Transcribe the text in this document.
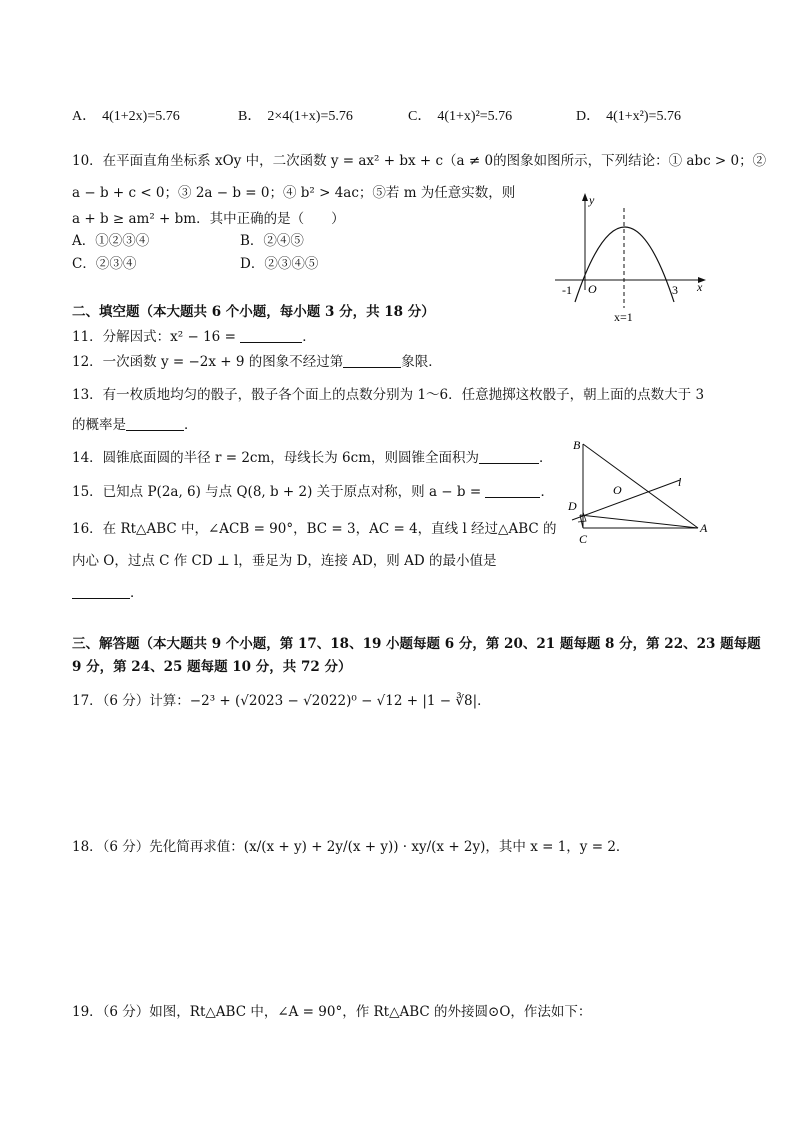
A． 4(1+2x)=5.76	B． 2×4(1+x)=5.76	C． 4(1+x)²=5.76	D． 4(1+x²)=5.76
10．在平面直角坐标系 xOy 中，二次函数 y = ax² + bx + c（a ≠ 0的图象如图所示，下列结论：① abc > 0；②
a − b + c < 0；③ 2a − b = 0；④ b² > 4ac；⑤若 m 为任意实数，则
a + b ≥ am² + bm．其中正确的是（　　）
A．①②③④	B．②④⑤
C．②③④	D．②③④⑤
y
x
O
-1	3
x=1
二、填空题（本大题共 6 个小题，每小题 3 分，共 18 分）
11．分解因式：x² − 16 =	．
12．一次函数 y = −2x + 9 的图象不经过第	象限．
13．有一枚质地均匀的骰子，骰子各个面上的点数分别为 1～6．任意抛掷这枚骰子，朝上面的点数大于 3
的概率是	．
14．圆锥底面圆的半径 r = 2cm，母线长为 6cm，则圆锥全面积为	．
15．已知点 P(2a, 6) 与点 Q(8, b + 2) 关于原点对称，则 a − b =	．
16．在 Rt△ABC 中，∠ACB = 90°，BC = 3，AC = 4，直线 l 经过△ABC 的
内心 O，过点 C 作 CD ⊥ l，垂足为 D，连接 AD，则 AD 的最小值是
．
B
O
l
D
A
C
三、解答题（本大题共 9 个小题，第 17、18、19 小题每题 6 分，第 20、21 题每题 8 分，第 22、23 题每题
9 分，第 24、25 题每题 10 分，共 72 分）
17．（6 分）计算：−2³ + (√2023 − √2022)⁰ − √12 + |1 − ∛8|．
18．（6 分）先化简再求值：(x/(x + y) + 2y/(x + y)) · xy/(x + 2y)，其中 x = 1，y = 2．
19．（6 分）如图，Rt△ABC 中，∠A = 90°，作 Rt△ABC 的外接圆⊙O，作法如下：
